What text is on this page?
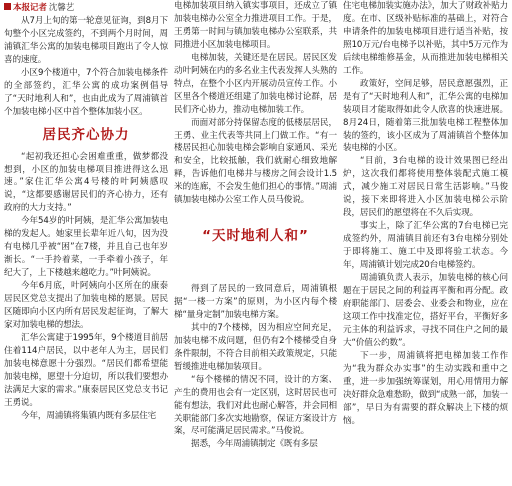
本报记者 沈馨艺

从7月上旬的第一轮意见征询，到8月下旬整个小区完成签约，不到两个月时间，周浦镇汇华公寓的加装电梯项目跑出了令人惊喜的速度。

小区9个楼道中，7个符合加装电梯条件的全部签约，汇华公寓的成功案例倡导了“天时地利人和”，也由此成为了周浦镇首个加装电梯小区中首个整体加装小区。

居民齐心协力

“起初我还担心会困难重重，做梦都没想到，小区的加装电梯项目推进得这么迅速。”家住汇华公寓4号楼的叶阿姨感叹说，“这都要感谢居民们的齐心协力，还有政府的大力支持。”

今年54岁的叶阿姨，是汇华公寓加装电梯的发起人。她家里长辈年近八旬，因为没有电梯几乎被“困”在7楼，并且自己也年岁渐长。“一手拎着菜，一手牵着小孩子，年纪大了，上下楼越来越吃力。”叶阿姨说。

今年6月底，叶阿姨向小区所在的康泰居民区党总支提出了加装电梯的愿景。居民区随即向小区内所有居民发起征询，了解大家对加装电梯的想法。

汇华公寓建于1995年，9个楼道目前居住着114户居民，以中老年人为主，居民们加装电梯意愿十分强烈。“居民们都希望能加装电梯，愿望十分迫切，所以我们要想办法满足大家的需求。”康泰居民区党总支书记王勇说。

今年，周浦镇将集镇内既有多层住宅

电梯加装项目纳入镇实事项目，还成立了镇加装电梯办公室全力推进项目工作。于是，王勇第一时间与镇加装电梯办公室联系，共同推进小区加装电梯项目。

电梯加装，关键还是在居民。居民区发动叶阿姨在内的多名业主代表发挥人头熟的特点，在整个小区内开展动员宣传工作。小区里各个楼道还组建了加装电梯讨论群，居民们齐心协力，推动电梯加装工作。

而面对部分持保留态度的低楼层居民，王勇、业主代表等共同上门做工作。“有一楼居民担心加装电梯会影响自家通风、采光和安全，比较抵触，我们就耐心细致地解释，告诉他们电梯井与楼房之间会设计1.5米的连廊，不会发生他们担心的事情。”周浦镇加装电梯办公室工作人员马俊说。

“天时地利人和”

得到了居民的一致同意后，周浦镇根据“一楼一方案”的原则，为小区内每个楼梯“量身定制”加装电梯方案。

其中的7个楼梯，因为相应空间充足，加装电梯不成问题，但仍有2个楼梯受自身条件限制，不符合目前相关政策规定，只能暂缓推进电梯加装项目。

“每个楼梯的情况不同，设计的方案、产生的费用也会有一定区别，这时居民也可能有想法，我们对此也耐心解答，并会同相关职能部门多次实地勘察，保证方案设计方案，尽可能满足居民需求。”马俊说。

据悉，今年周浦镇制定《既有多层

住宅电梯加装实施办法》，加大了财政补贴力度。在市、区级补贴标准的基础上，对符合申请条件的加装电梯项目进行适当补贴，按照10万元/台电梯予以补贴，其中5万元作为后续电梯维修基金，从而推进加装电梯相关工作。

政策好，空间足够，居民意愿强烈，正是有了“天时地利人和”，汇华公寓的电梯加装项目才能取得如此令人欣喜的快速进展。8月24日，随着第三批加装电梯工程整体加装的签约，该小区成为了周浦镇首个整体加装电梯的小区。

“目前，3台电梯的设计效果图已经出炉，这次我们都将使用整体装配式施工模式，减少施工对居民日常生活影响。”马俊说，接下来即将进入小区加装电梯公示阶段，居民们的愿望将在不久后实现。

事实上，除了汇华公寓的7台电梯已完成签约外，周浦镇目前还有3台电梯分别处于即将施工、施工中及即将验工状态。今年，周浦镇计划完成20台电梯签约。

周浦镇负责人表示，加装电梯的核心问题在于居民之间的利益再平衡和再分配。政府职能部门、居委会、业委会和物业，应在这项工作中找准定位，搭好平台，平衡好多元主体的利益诉求，寻找不同住户之间的最大“价值公约数”。

下一步，周浦镇将把电梯加装工作作为“我为群众办实事”的生动实践和重中之重，进一步加强统筹谋划，用心用情用力解决好群众急难愁盼，做到“成熟一部，加装一部”，早日为有需要的群众解决上下楼的烦恼。
